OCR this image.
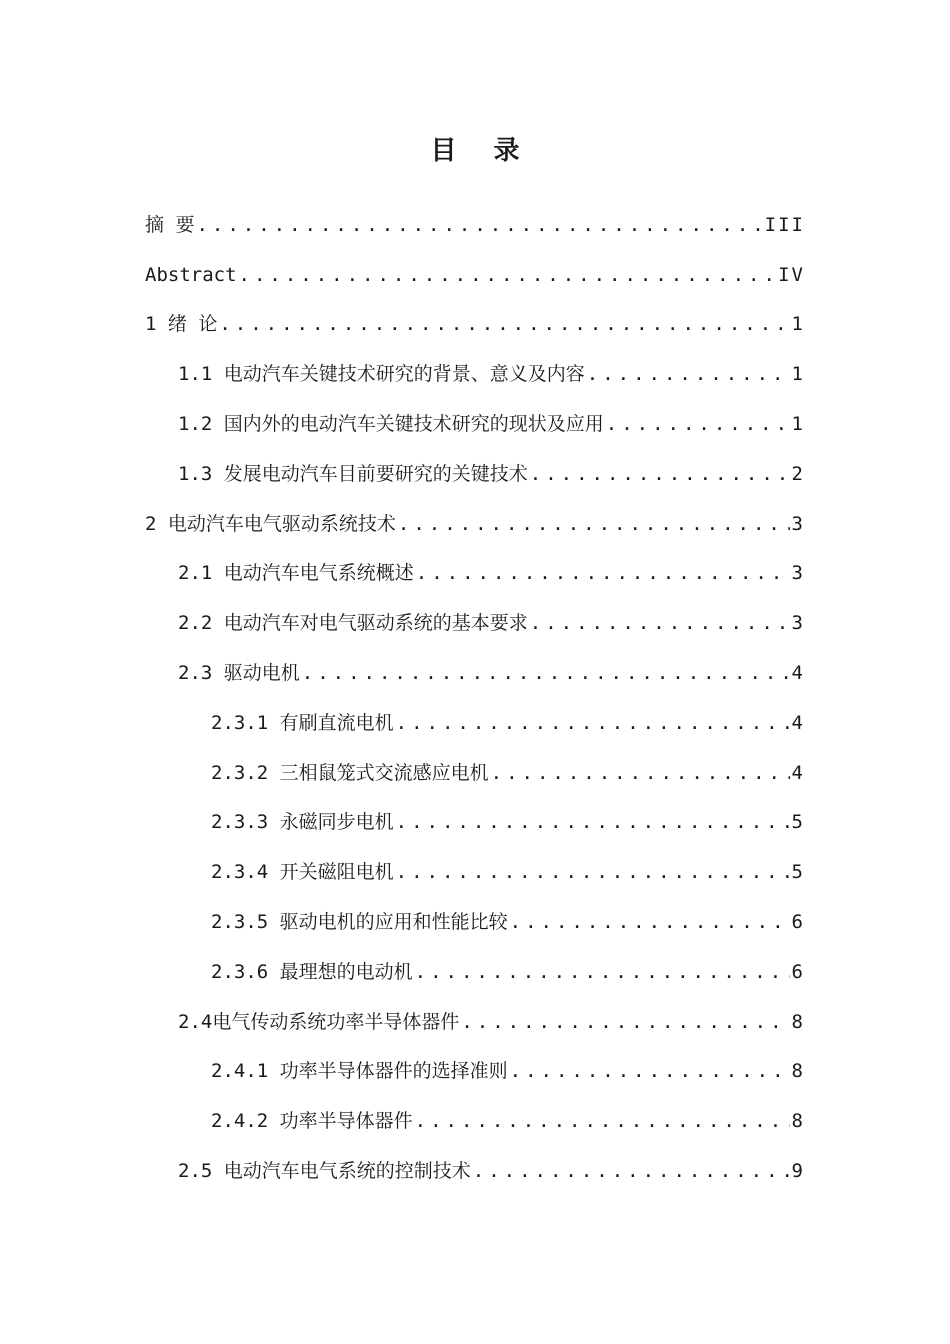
目 录
摘 要 .....	III
Abstract .....	IV
1 绪 论 .....	1
1.1 电动汽车关键技术研究的背景、意义及内容 .....	1
1.2 国内外的电动汽车关键技术研究的现状及应用 .....	1
1.3 发展电动汽车目前要研究的关键技术 .....	2
2 电动汽车电气驱动系统技术 .....	3
2.1 电动汽车电气系统概述 .....	3
2.2 电动汽车对电气驱动系统的基本要求 .....	3
2.3 驱动电机 .....	4
2.3.1 有刷直流电机 .....	4
2.3.2 三相鼠笼式交流感应电机 .....	4
2.3.3 永磁同步电机 .....	5
2.3.4 开关磁阻电机 .....	5
2.3.5 驱动电机的应用和性能比较 .....	6
2.3.6 最理想的电动机 .....	6
2.4电气传动系统功率半导体器件 .....	8
2.4.1 功率半导体器件的选择准则 .....	8
2.4.2 功率半导体器件 .....	8
2.5 电动汽车电气系统的控制技术 .....	9
